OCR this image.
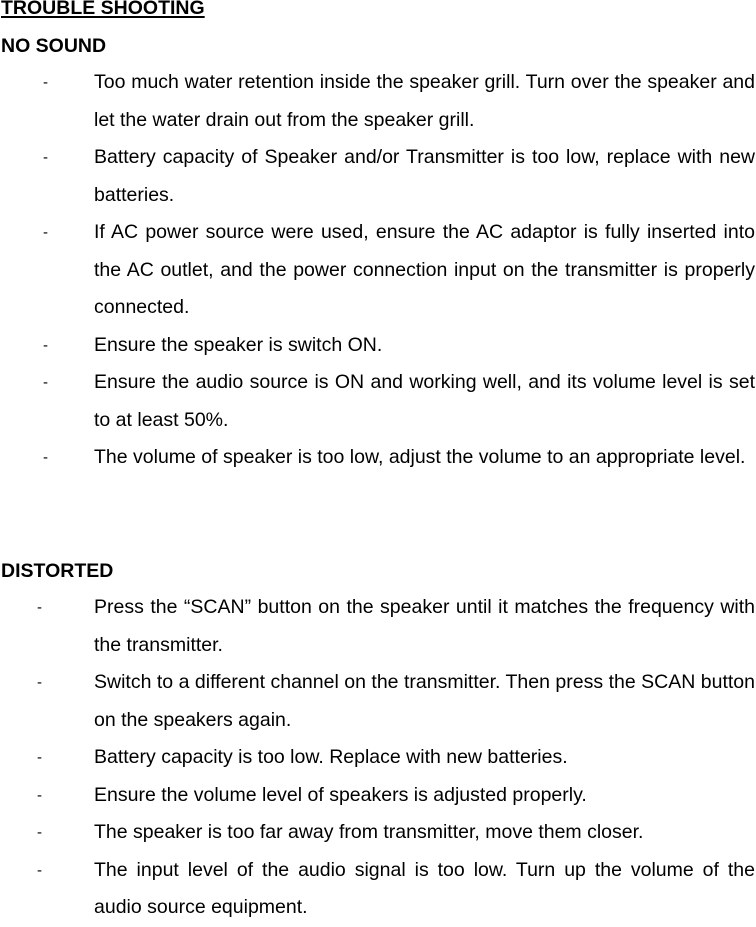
TROUBLE SHOOTING
NO SOUND
- Too much water retention inside the speaker grill. Turn over the speaker and let the water drain out from the speaker grill.
- Battery capacity of Speaker and/or Transmitter is too low, replace with new batteries.
- If AC power source were used, ensure the AC adaptor is fully inserted into the AC outlet, and the power connection input on the transmitter is properly connected.
- Ensure the speaker is switch ON.
- Ensure the audio source is ON and working well, and its volume level is set to at least 50%.
- The volume of speaker is too low, adjust the volume to an appropriate level.
DISTORTED
-	Press the “SCAN” button on the speaker until it matches the frequency with the transmitter.
-	Switch to a different channel on the transmitter. Then press the SCAN button on the speakers again.
-	Battery capacity is too low. Replace with new batteries.
-	Ensure the volume level of speakers is adjusted properly.
-	The speaker is too far away from transmitter, move them closer.
-	The input level of the audio signal is too low. Turn up the volume of the audio source equipment.
